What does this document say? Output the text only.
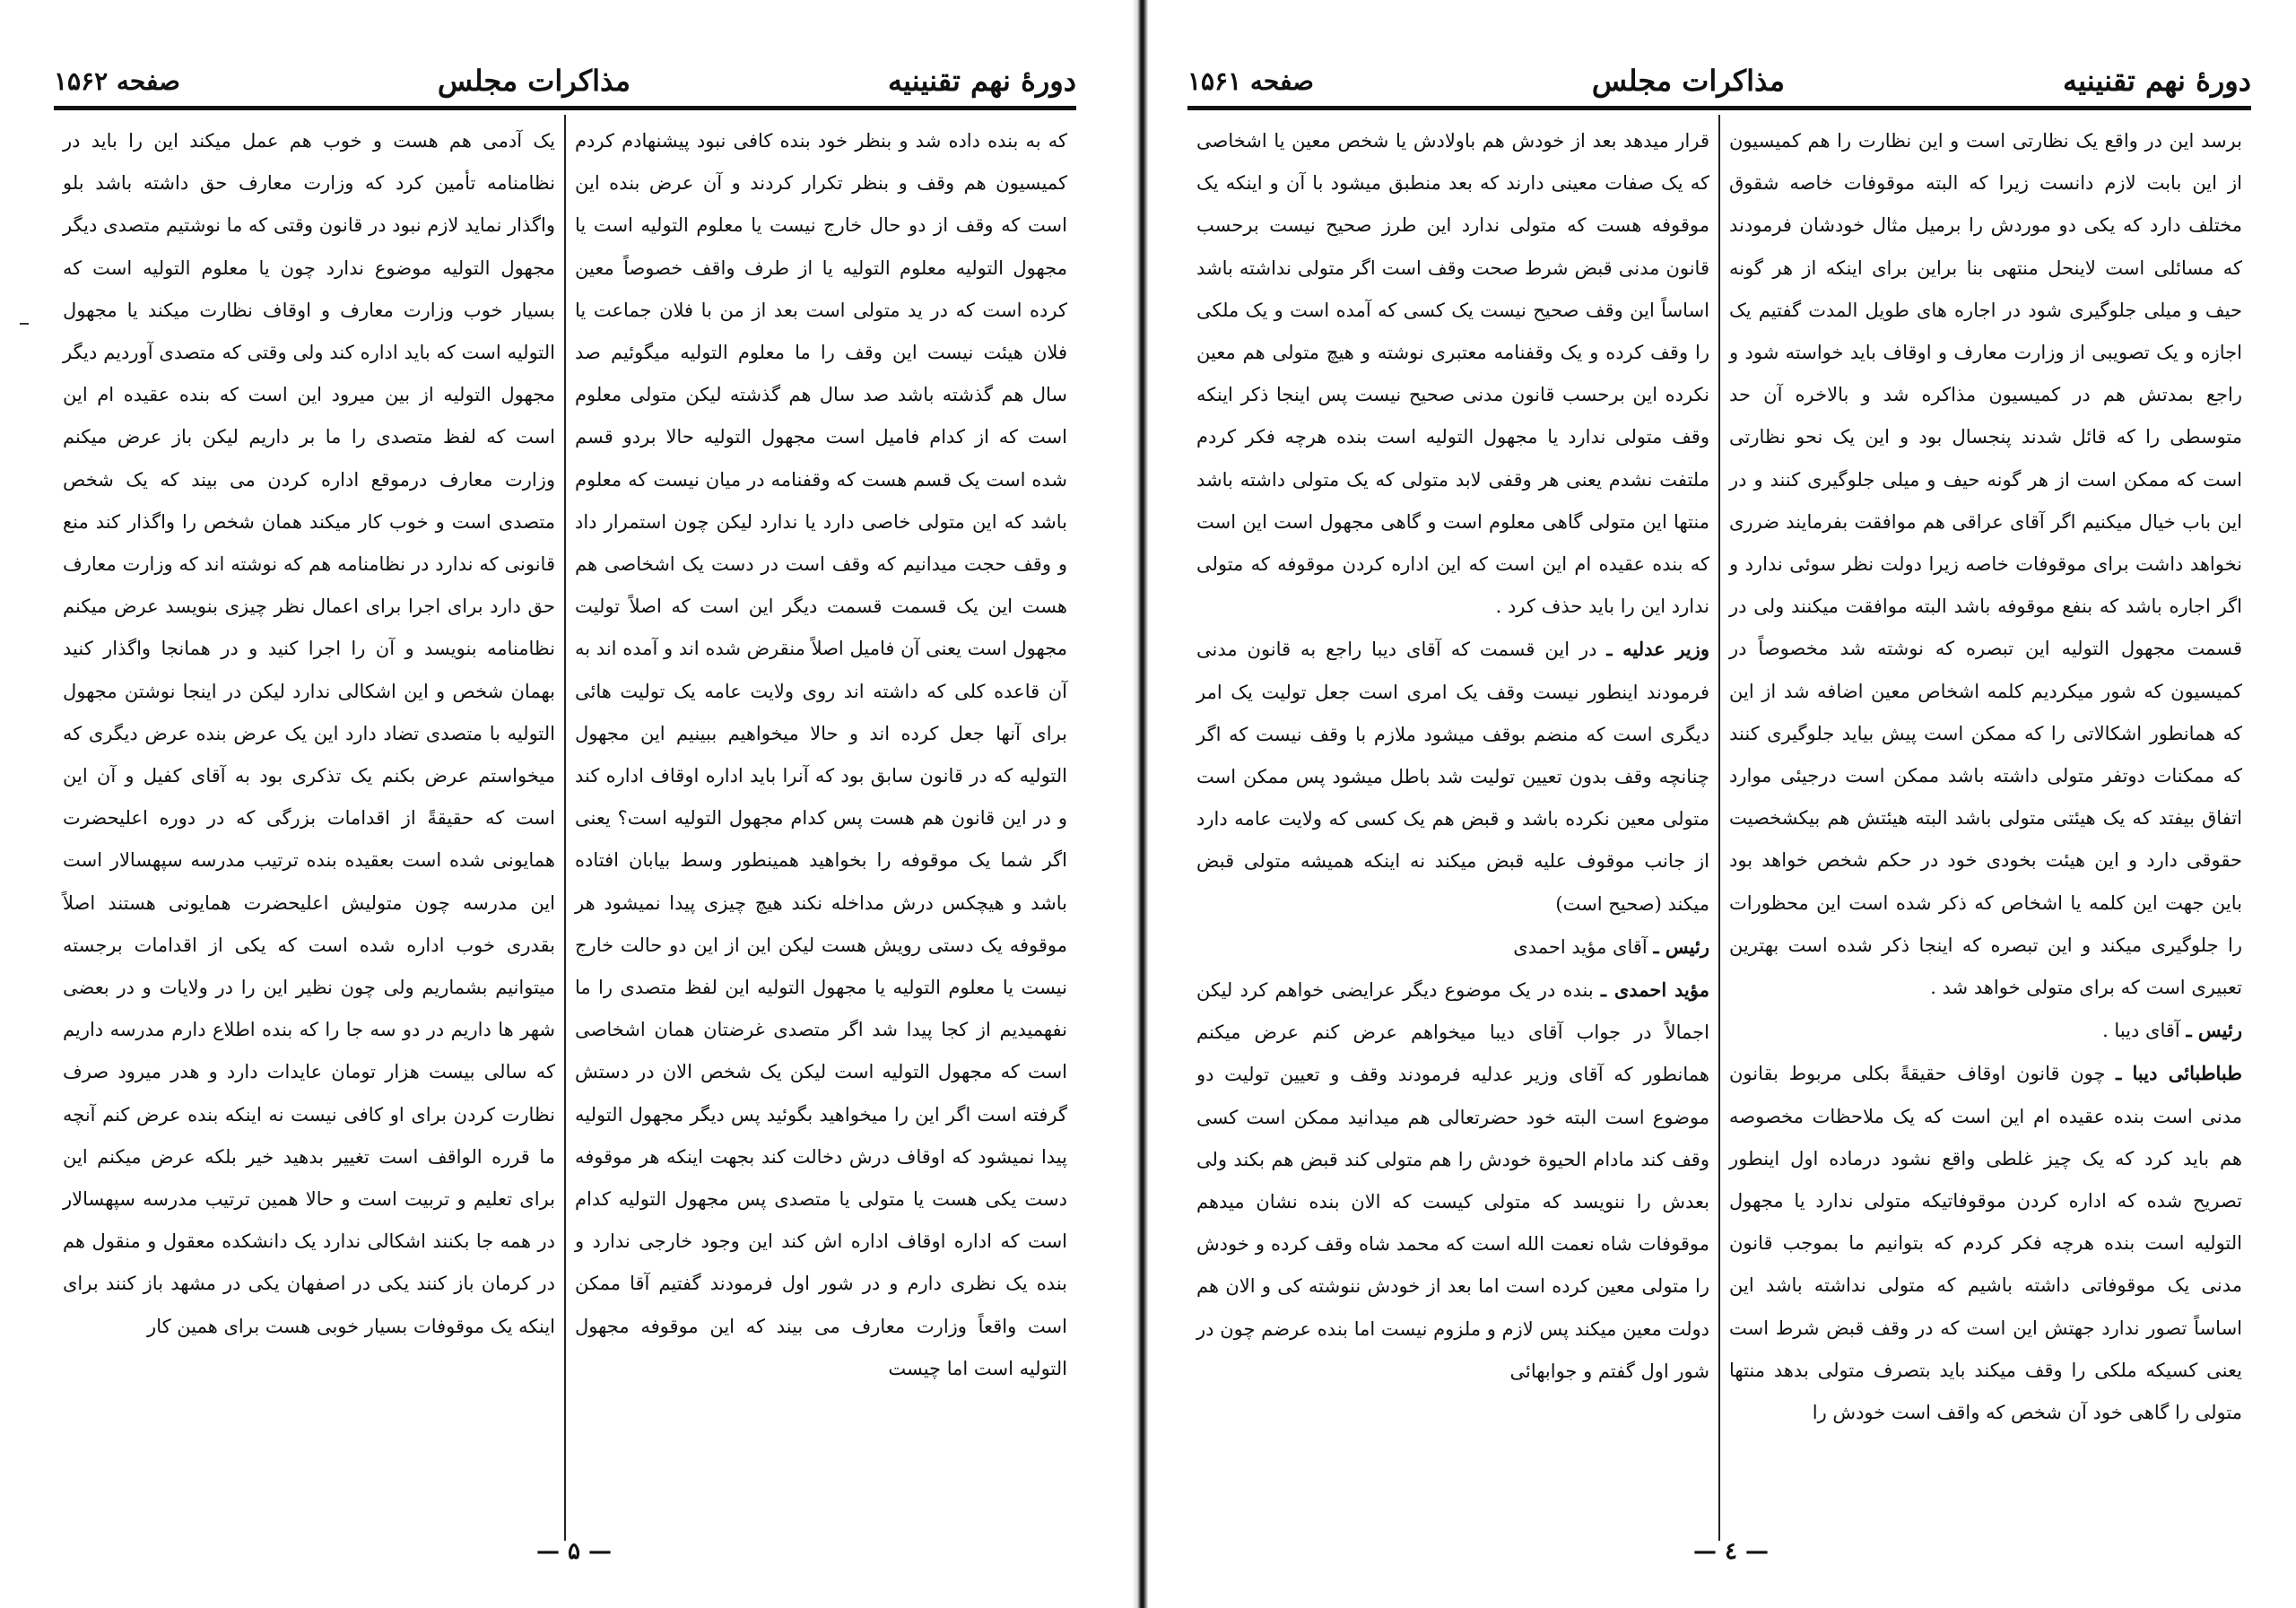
دورهٔ نهم تقنینیه
مذاکرات مجلس
صفحه ۱۵۶۲

که به بنده داده شد و بنظر خود بنده کافی نبود پیشنهادم کردم کمیسیون هم وقف و بنظر تکرار کردند و آن عرض بنده این است که وقف از دو حال خارج نیست یا معلوم التولیه است یا مجهول التولیه معلوم التولیه یا از طرف واقف خصوصاً معین کرده است که در ید متولی است بعد از من با فلان جماعت یا فلان هیئت نیست این وقف را ما معلوم التولیه میگوئیم صد سال هم گذشته باشد صد سال هم گذشته لیکن متولی معلوم است که از کدام فامیل است مجهول التولیه حالا بردو قسم شده است یک قسم هست که وقفنامه در میان نیست که معلوم باشد که این متولی خاصی دارد یا ندارد لیکن چون استمرار داد و وقف حجت میدانیم که وقف است در دست یک اشخاصی هم هست این یک قسمت قسمت دیگر این است که اصلاً تولیت مجهول است یعنی آن فامیل اصلاً منقرض شده اند و آمده اند به آن قاعده کلی که داشته اند روی ولایت عامه یک تولیت هائی برای آنها جعل کرده اند و حالا میخواهیم ببینیم این مجهول التولیه که در قانون سابق بود که آنرا باید اداره اوقاف اداره کند و در این قانون هم هست پس کدام مجهول التولیه است؟ یعنی اگر شما یک موقوفه را بخواهید همینطور وسط بیابان افتاده باشد و هیچکس درش مداخله نکند هیچ چیزی پیدا نمیشود هر موقوفه یک دستی رویش هست لیکن این از این دو حالت خارج نیست یا معلوم التولیه یا مجهول التولیه این لفظ متصدی را ما نفهمیدیم از کجا پیدا شد اگر متصدی غرضتان همان اشخاصی است که مجهول التولیه است لیکن یک شخص الان در دستش گرفته است اگر این را میخواهید بگوئید پس دیگر مجهول التولیه پیدا نمیشود که اوقاف درش دخالت کند بجهت اینکه هر موقوفه دست یکی هست یا متولی یا متصدی پس مجهول التولیه کدام است که اداره اوقاف اداره اش کند این وجود خارجی ندارد و بنده یک نظری دارم و در شور اول فرمودند گفتیم آقا ممکن است واقعاً وزارت معارف می بیند که این موقوفه مجهول التولیه است اما چیست

یک آدمی هم هست و خوب هم عمل میکند این را باید در نظامنامه تأمین کرد که وزارت معارف حق داشته باشد بلو واگذار نماید لازم نبود در قانون وقتی که ما نوشتیم متصدی دیگر مجهول التولیه موضوع ندارد چون یا معلوم التولیه است که بسیار خوب وزارت معارف و اوقاف نظارت میکند یا مجهول التولیه است که باید اداره کند ولی وقتی که متصدی آوردیم دیگر مجهول التولیه از بین میرود این است که بنده عقیده ام این است که لفظ متصدی را ما بر داریم لیکن باز عرض میکنم وزارت معارف درموقع اداره کردن می بیند که یک شخص متصدی است و خوب کار میکند همان شخص را واگذار کند منع قانونی که ندارد در نظامنامه هم که نوشته اند که وزارت معارف حق دارد برای اجرا برای اعمال نظر چیزی بنویسد عرض میکنم نظامنامه بنویسد و آن را اجرا کنید و در همانجا واگذار کنید بهمان شخص و این اشکالی ندارد لیکن در اینجا نوشتن مجهول التولیه با متصدی تضاد دارد این یک عرض بنده عرض دیگری که میخواستم عرض بکنم یک تذکری بود به آقای کفیل و آن این است که حقیقةً از اقدامات بزرگی که در دوره اعلیحضرت همایونی شده است بعقیده بنده ترتیب مدرسه سپهسالار است این مدرسه چون متولیش اعلیحضرت همایونی هستند اصلاً بقدری خوب اداره شده است که یکی از اقدامات برجسته میتوانیم بشماریم ولی چون نظیر این را در ولایات و در بعضی شهر ها داریم در دو سه جا را که بنده اطلاع دارم مدرسه داریم که سالی بیست هزار تومان عایدات دارد و هدر میرود صرف نظارت کردن برای او کافی نیست نه اینکه بنده عرض کنم آنچه ما قرره الواقف است تغییر بدهید خیر بلکه عرض میکنم این برای تعلیم و تربیت است و حالا همین ترتیب مدرسه سپهسالار در همه جا بکنند اشکالی ندارد یک دانشکده معقول و منقول هم در کرمان باز کنند یکی در اصفهان یکی در مشهد باز کنند برای اینکه یک موقوفات بسیار خوبی هست برای همین کار

— ۵ —
دورهٔ نهم تقنینیه
مذاکرات مجلس
صفحه ۱۵۶۱

برسد این در واقع یک نظارتی است و این نظارت را هم کمیسیون از این بابت لازم دانست زیرا که البته موقوفات خاصه شقوق مختلف دارد که یکی دو موردش را برمیل مثال خودشان فرمودند که مسائلی است لاینحل منتهی بنا براین برای اینکه از هر گونه حیف و میلی جلوگیری شود در اجاره های طویل المدت گفتیم یک اجازه و یک تصویبی از وزارت معارف و اوقاف باید خواسته شود و راجع بمدتش هم در کمیسیون مذاکره شد و بالاخره آن حد متوسطی را که قائل شدند پنجسال بود و این یک نحو نظارتی است که ممکن است از هر گونه حیف و میلی جلوگیری کنند و در این باب خیال میکنیم اگر آقای عراقی هم موافقت بفرمایند ضرری نخواهد داشت برای موقوفات خاصه زیرا دولت نظر سوئی ندارد و اگر اجاره باشد که بنفع موقوفه باشد البته موافقت میکنند ولی در قسمت مجهول التولیه این تبصره که نوشته شد مخصوصاً در کمیسیون که شور میکردیم کلمه اشخاص معین اضافه شد از این که همانطور اشکالاتی را که ممکن است پیش بیاید جلوگیری کنند که ممکنات دوتفر متولی داشته باشد ممکن است درجیئی موارد اتفاق بیفتد که یک هیئتی متولی باشد البته هیئتش هم بیکشخصیت حقوقی دارد و این هیئت بخودی خود در حکم شخص خواهد بود باین جهت این کلمه یا اشخاص که ذکر شده است این محظورات را جلوگیری میکند و این تبصره که اینجا ذکر شده است بهترین تعبیری است که برای متولی خواهد شد .

رئیس ـ آقای دیبا .

طباطبائی دیبا ـ چون قانون اوقاف حقیقةً بکلی مربوط بقانون مدنی است بنده عقیده ام این است که یک ملاحظات مخصوصه هم باید کرد که یک چیز غلطی واقع نشود درماده اول اینطور تصریح شده که اداره کردن موقوفاتیکه متولی ندارد یا مجهول التولیه است بنده هرچه فکر کردم که بتوانیم ما بموجب قانون مدنی یک موقوفاتی داشته باشیم که متولی نداشته باشد این اساساً تصور ندارد جهتش این است که در وقف قبض شرط است یعنی کسیکه ملکی را وقف میکند باید بتصرف متولی بدهد منتها متولی را گاهی خود آن شخص که واقف است خودش را

قرار میدهد بعد از خودش هم باولادش یا شخص معین یا اشخاصی که یک صفات معینی دارند که بعد منطبق میشود با آن و اینکه یک موقوفه هست که متولی ندارد این طرز صحیح نیست برحسب قانون مدنی قبض شرط صحت وقف است اگر متولی نداشته باشد اساساً این وقف صحیح نیست یک کسی که آمده است و یک ملکی را وقف کرده و یک وقفنامه معتبری نوشته و هیچ متولی هم معین نکرده این برحسب قانون مدنی صحیح نیست پس اینجا ذکر اینکه وقف متولی ندارد یا مجهول التولیه است بنده هرچه فکر کردم ملتفت نشدم یعنی هر وقفی لابد متولی که یک متولی داشته باشد منتها این متولی گاهی معلوم است و گاهی مجهول است این است که بنده عقیده ام این است که این اداره کردن موقوفه که متولی ندارد این را باید حذف کرد .

وزیر عدلیه ـ در این قسمت که آقای دیبا راجع به قانون مدنی فرمودند اینطور نیست وقف یک امری است جعل تولیت یک امر دیگری است که منضم بوقف میشود ملازم با وقف نیست که اگر چنانچه وقف بدون تعیین تولیت شد باطل میشود پس ممکن است متولی معین نکرده باشد و قبض هم یک کسی که ولایت عامه دارد از جانب موقوف علیه قبض میکند نه اینکه همیشه متولی قبض میکند (صحیح است)

رئیس ـ آقای مؤید احمدی

مؤید احمدی ـ بنده در یک موضوع دیگر عرایضی خواهم کرد لیکن اجمالاً در جواب آقای دیبا میخواهم عرض کنم عرض میکنم همانطور که آقای وزیر عدلیه فرمودند وقف و تعیین تولیت دو موضوع است البته خود حضرتعالی هم میدانید ممکن است کسی وقف کند مادام الحیوة خودش را هم متولی کند قبض هم بکند ولی بعدش را ننویسد که متولی کیست که الان بنده نشان میدهم موقوفات شاه نعمت الله است که محمد شاه وقف کرده و خودش را متولی معین کرده است اما بعد از خودش ننوشته کی و الان هم دولت معین میکند پس لازم و ملزوم نیست اما بنده عرضم چون در شور اول گفتم و جوابهائی

— ٤ —
